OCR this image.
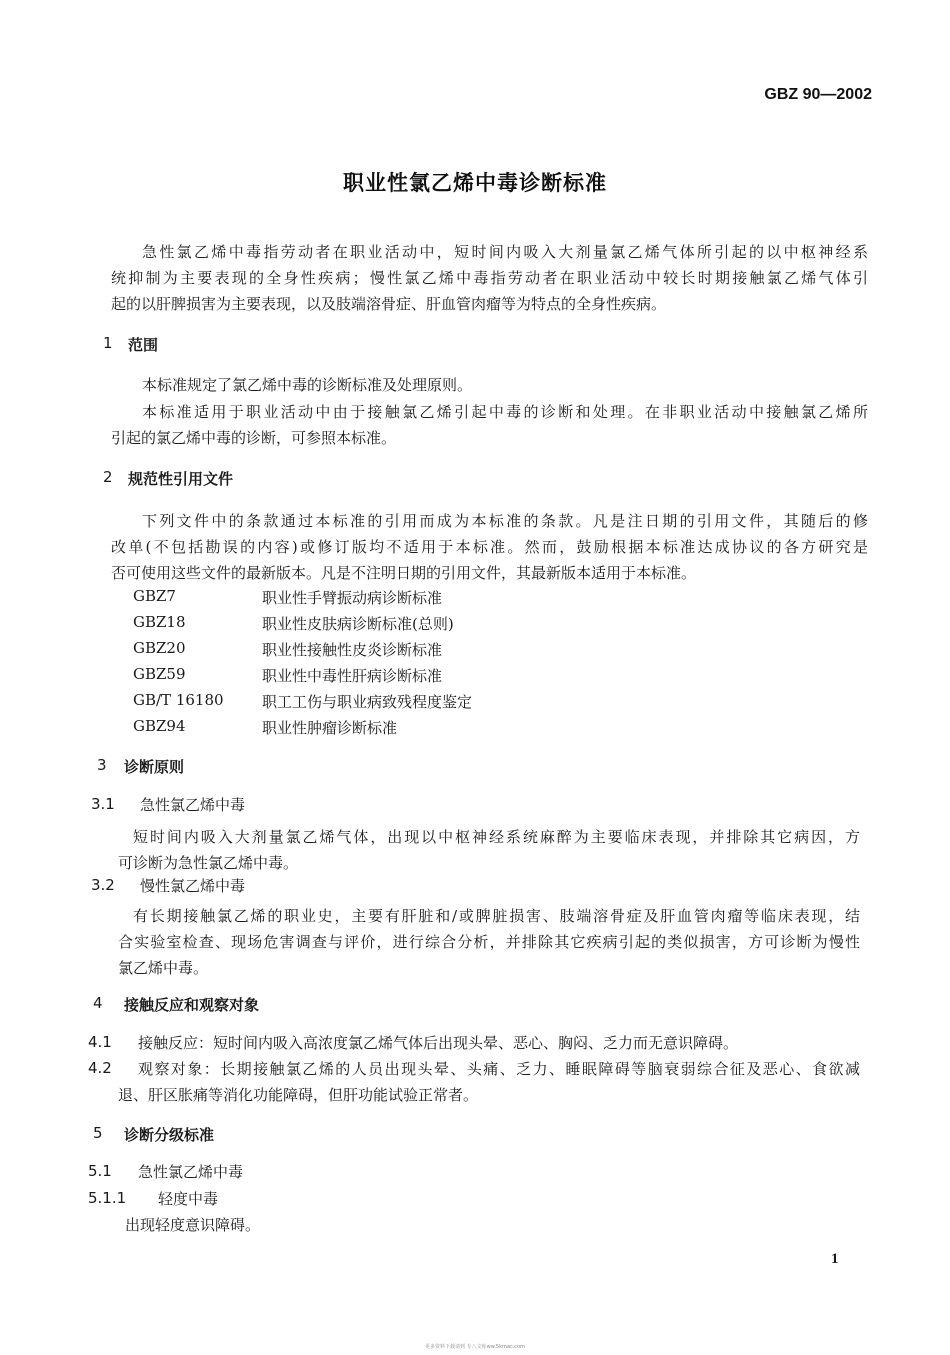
GBZ 90—2002
职业性氯乙烯中毒诊断标准
急性氯乙烯中毒指劳动者在职业活动中，短时间内吸入大剂量氯乙烯气体所引起的以中枢神经系
统抑制为主要表现的全身性疾病；慢性氯乙烯中毒指劳动者在职业活动中较长时期接触氯乙烯气体引
起的以肝脾损害为主要表现，以及肢端溶骨症、肝血管肉瘤等为特点的全身性疾病。
1 范围
本标准规定了氯乙烯中毒的诊断标准及处理原则。
本标准适用于职业活动中由于接触氯乙烯引起中毒的诊断和处理。在非职业活动中接触氯乙烯所
引起的氯乙烯中毒的诊断，可参照本标准。
2 规范性引用文件
下列文件中的条款通过本标准的引用而成为本标准的条款。凡是注日期的引用文件，其随后的修
改单(不包括勘误的内容)或修订版均不适用于本标准。然而，鼓励根据本标准达成协议的各方研究是
否可使用这些文件的最新版本。凡是不注明日期的引用文件，其最新版本适用于本标准。
GBZ7	职业性手臂振动病诊断标准
GBZ18	职业性皮肤病诊断标准(总则)
GBZ20	职业性接触性皮炎诊断标准
GBZ59	职业性中毒性肝病诊断标准
GB/T 16180	职工工伤与职业病致残程度鉴定
GBZ94	职业性肿瘤诊断标准
3 诊断原则
3.1 急性氯乙烯中毒
短时间内吸入大剂量氯乙烯气体，出现以中枢神经系统麻醉为主要临床表现，并排除其它病因，方
可诊断为急性氯乙烯中毒。
3.2 慢性氯乙烯中毒
有长期接触氯乙烯的职业史，主要有肝脏和/或脾脏损害、肢端溶骨症及肝血管肉瘤等临床表现，结
合实验室检查、现场危害调查与评价，进行综合分析，并排除其它疾病引起的类似损害，方可诊断为慢性
氯乙烯中毒。
4 接触反应和观察对象
4.1 接触反应：短时间内吸入高浓度氯乙烯气体后出现头晕、恶心、胸闷、乏力而无意识障碍。
4.2 观察对象：长期接触氯乙烯的人员出现头晕、头痛、乏力、睡眠障碍等脑衰弱综合征及恶心、食欲减
退、肝区胀痛等消化功能障碍，但肝功能试验正常者。
5 诊断分级标准
5.1 急性氯乙烯中毒
5.1.1 轻度中毒
出现轻度意识障碍。
1
更多资料下载请到 专八文库ww.5kmac.com
